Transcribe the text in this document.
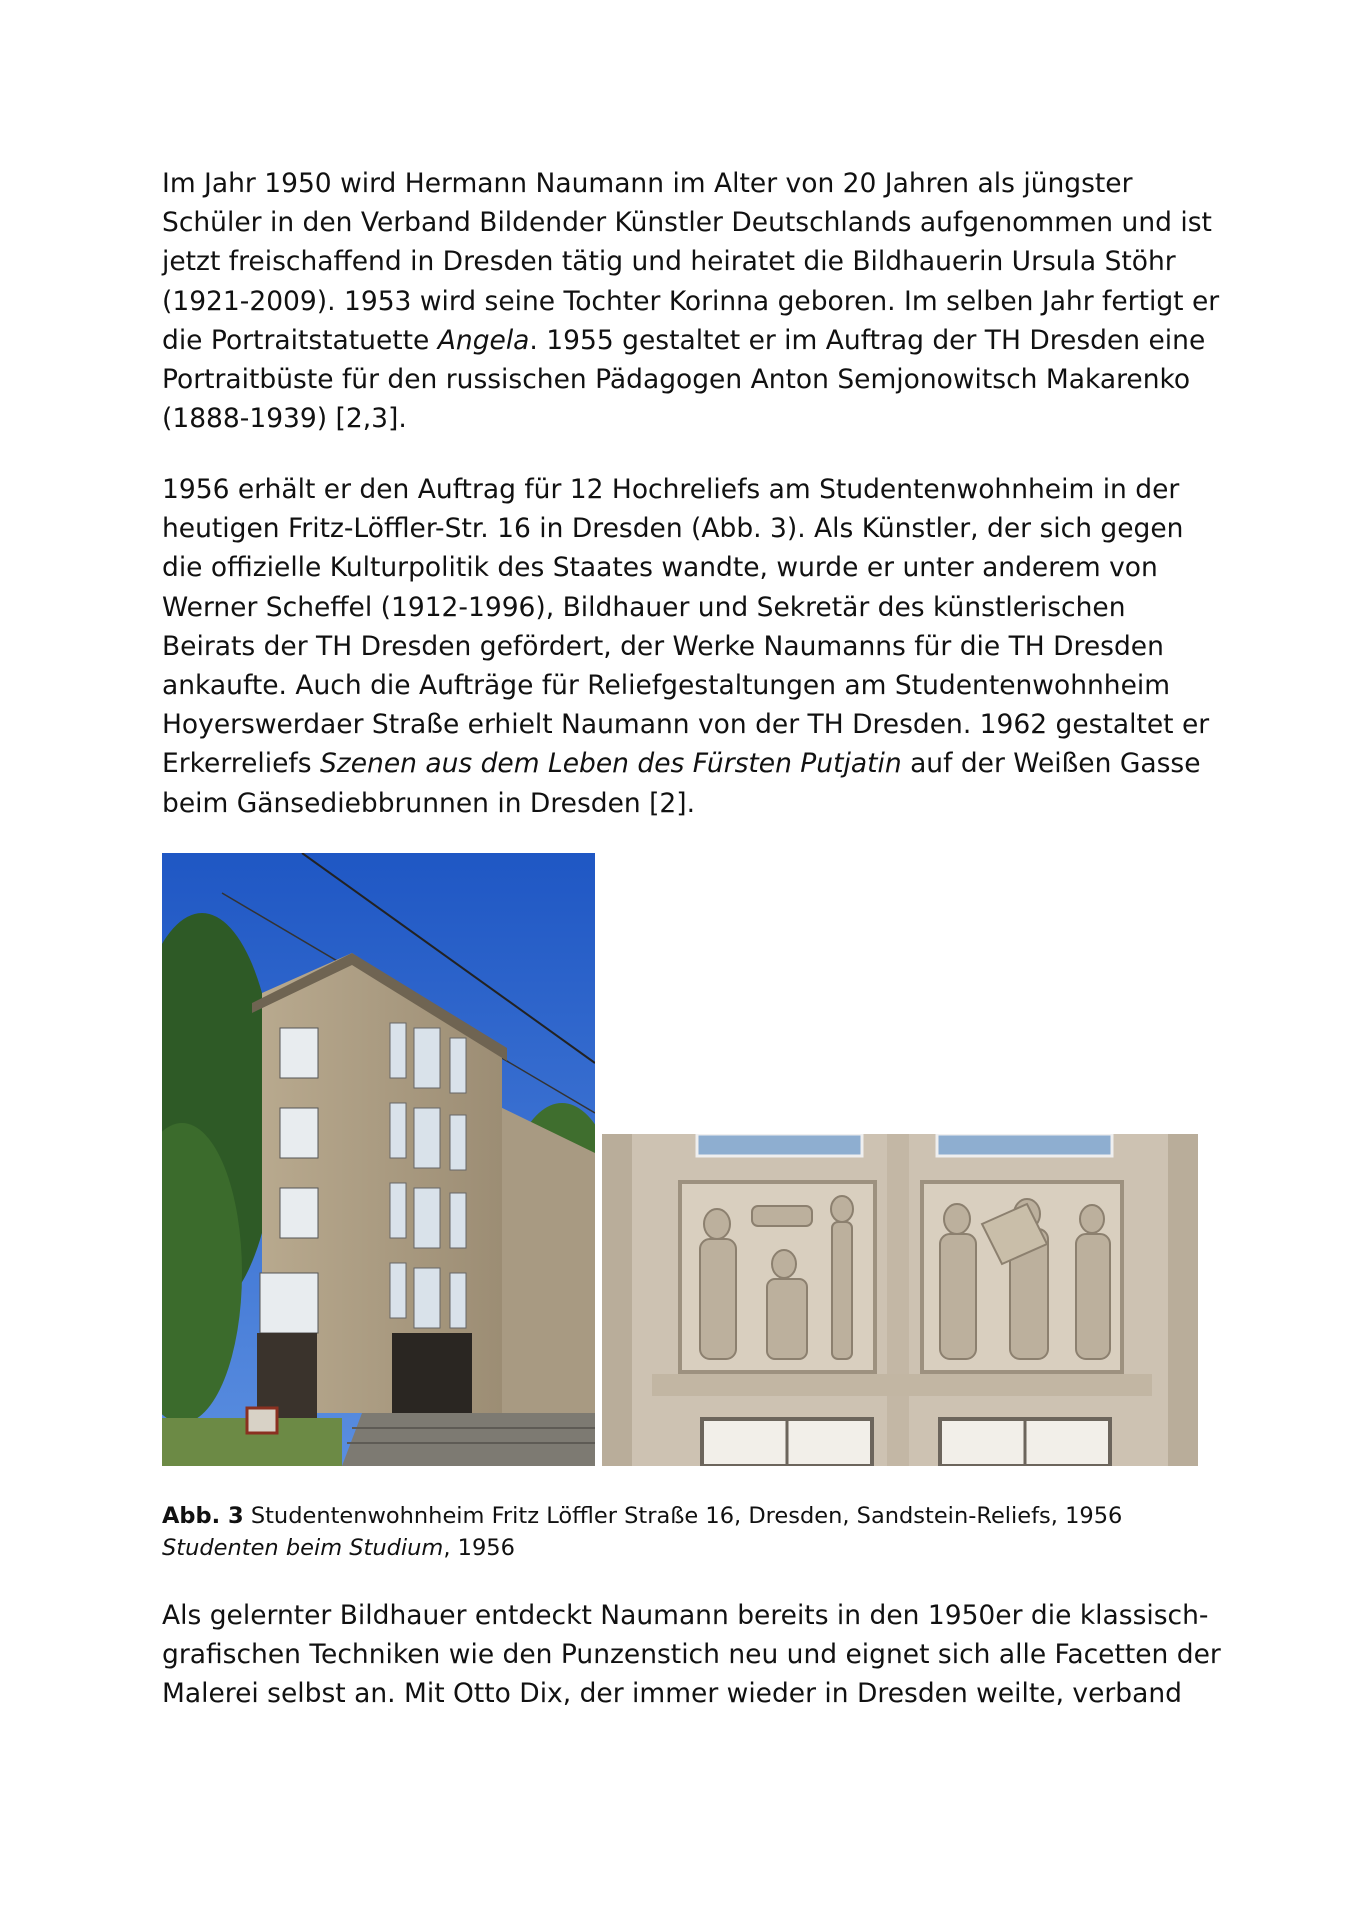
Im Jahr 1950 wird Hermann Naumann im Alter von 20 Jahren als jüngster Schüler in den Verband Bildender Künstler Deutschlands aufgenommen und ist jetzt freischaffend in Dresden tätig und heiratet die Bildhauerin Ursula Stöhr (1921-2009). 1953 wird seine Tochter Korinna geboren. Im selben Jahr fertigt er die Portraitstatuette Angela. 1955 gestaltet er im Auftrag der TH Dresden eine Portraitbüste für den russischen Pädagogen Anton Semjonowitsch Makarenko (1888-1939) [2,3].

1956 erhält er den Auftrag für 12 Hochreliefs am Studentenwohnheim in der heutigen Fritz-Löffler-Str. 16 in Dresden (Abb. 3). Als Künstler, der sich gegen die offizielle Kulturpolitik des Staates wandte, wurde er unter anderem von Werner Scheffel (1912-1996), Bildhauer und Sekretär des künstlerischen Beirats der TH Dresden gefördert, der Werke Naumanns für die TH Dresden ankaufte. Auch die Aufträge für Reliefgestaltungen am Studentenwohnheim Hoyerswerdaer Straße erhielt Naumann von der TH Dresden. 1962 gestaltet er Erkerreliefs Szenen aus dem Leben des Fürsten Putjatin auf der Weißen Gasse beim Gänsediebbrunnen in Dresden [2].

Abb. 3 Studentenwohnheim Fritz Löffler Straße 16, Dresden, Sandstein-Reliefs, 1956
Studenten beim Studium, 1956

Als gelernter Bildhauer entdeckt Naumann bereits in den 1950er die klassisch-grafischen Techniken wie den Punzenstich neu und eignet sich alle Facetten der Malerei selbst an. Mit Otto Dix, der immer wieder in Dresden weilte, verband
